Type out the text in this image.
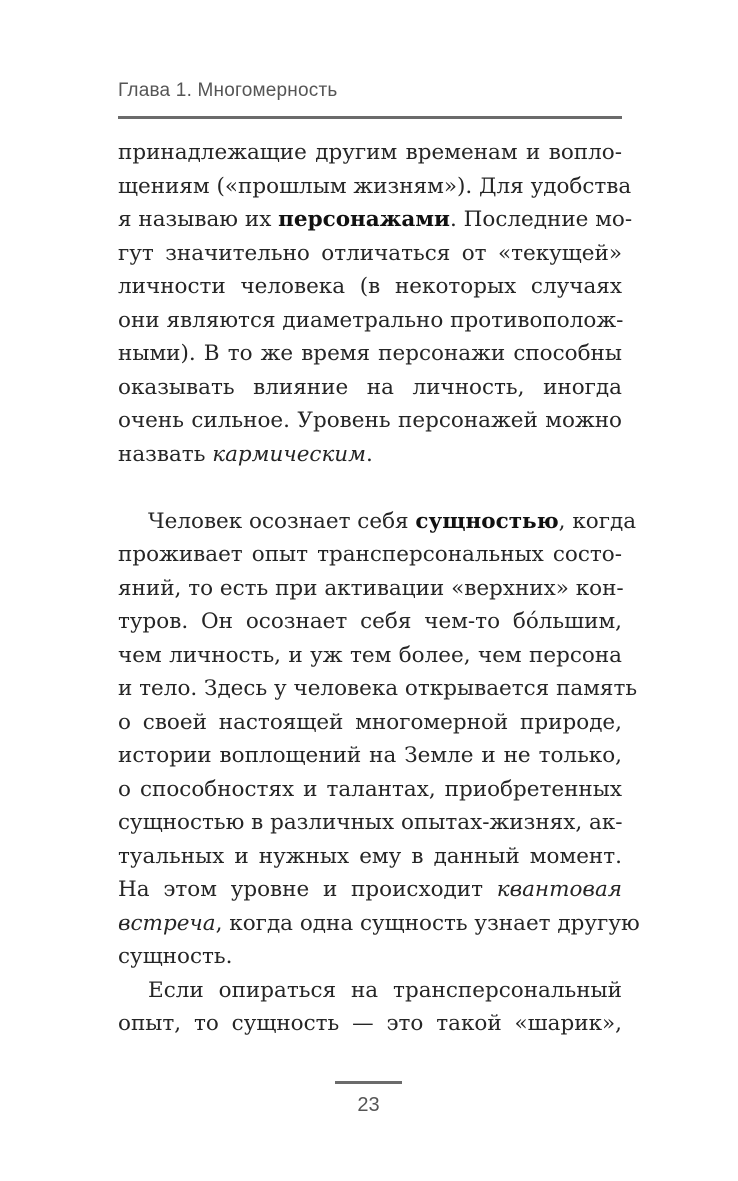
Глава 1. Многомерность
принадлежащие другим временам и вопло-
щениям («прошлым жизням»). Для удобства
я называю их персонажами. Последние мо-
гут значительно отличаться от «текущей»
личности человека (в некоторых случаях
они являются диаметрально противополож-
ными). В то же время персонажи способны
оказывать влияние на личность, иногда
очень сильное. Уровень персонажей можно
назвать кармическим.
Человек осознает себя сущностью, когда
проживает опыт трансперсональных состо-
яний, то есть при активации «верхних» кон-
туров. Он осознает себя чем-то бóльшим,
чем личность, и уж тем более, чем персона
и тело. Здесь у человека открывается память
о своей настоящей многомерной природе,
истории воплощений на Земле и не только,
о способностях и талантах, приобретенных
сущностью в различных опытах-жизнях, ак-
туальных и нужных ему в данный момент.
На этом уровне и происходит квантовая
встреча, когда одна сущность узнает другую
сущность.
Если опираться на трансперсональный
опыт, то сущность — это такой «шарик»,
23
